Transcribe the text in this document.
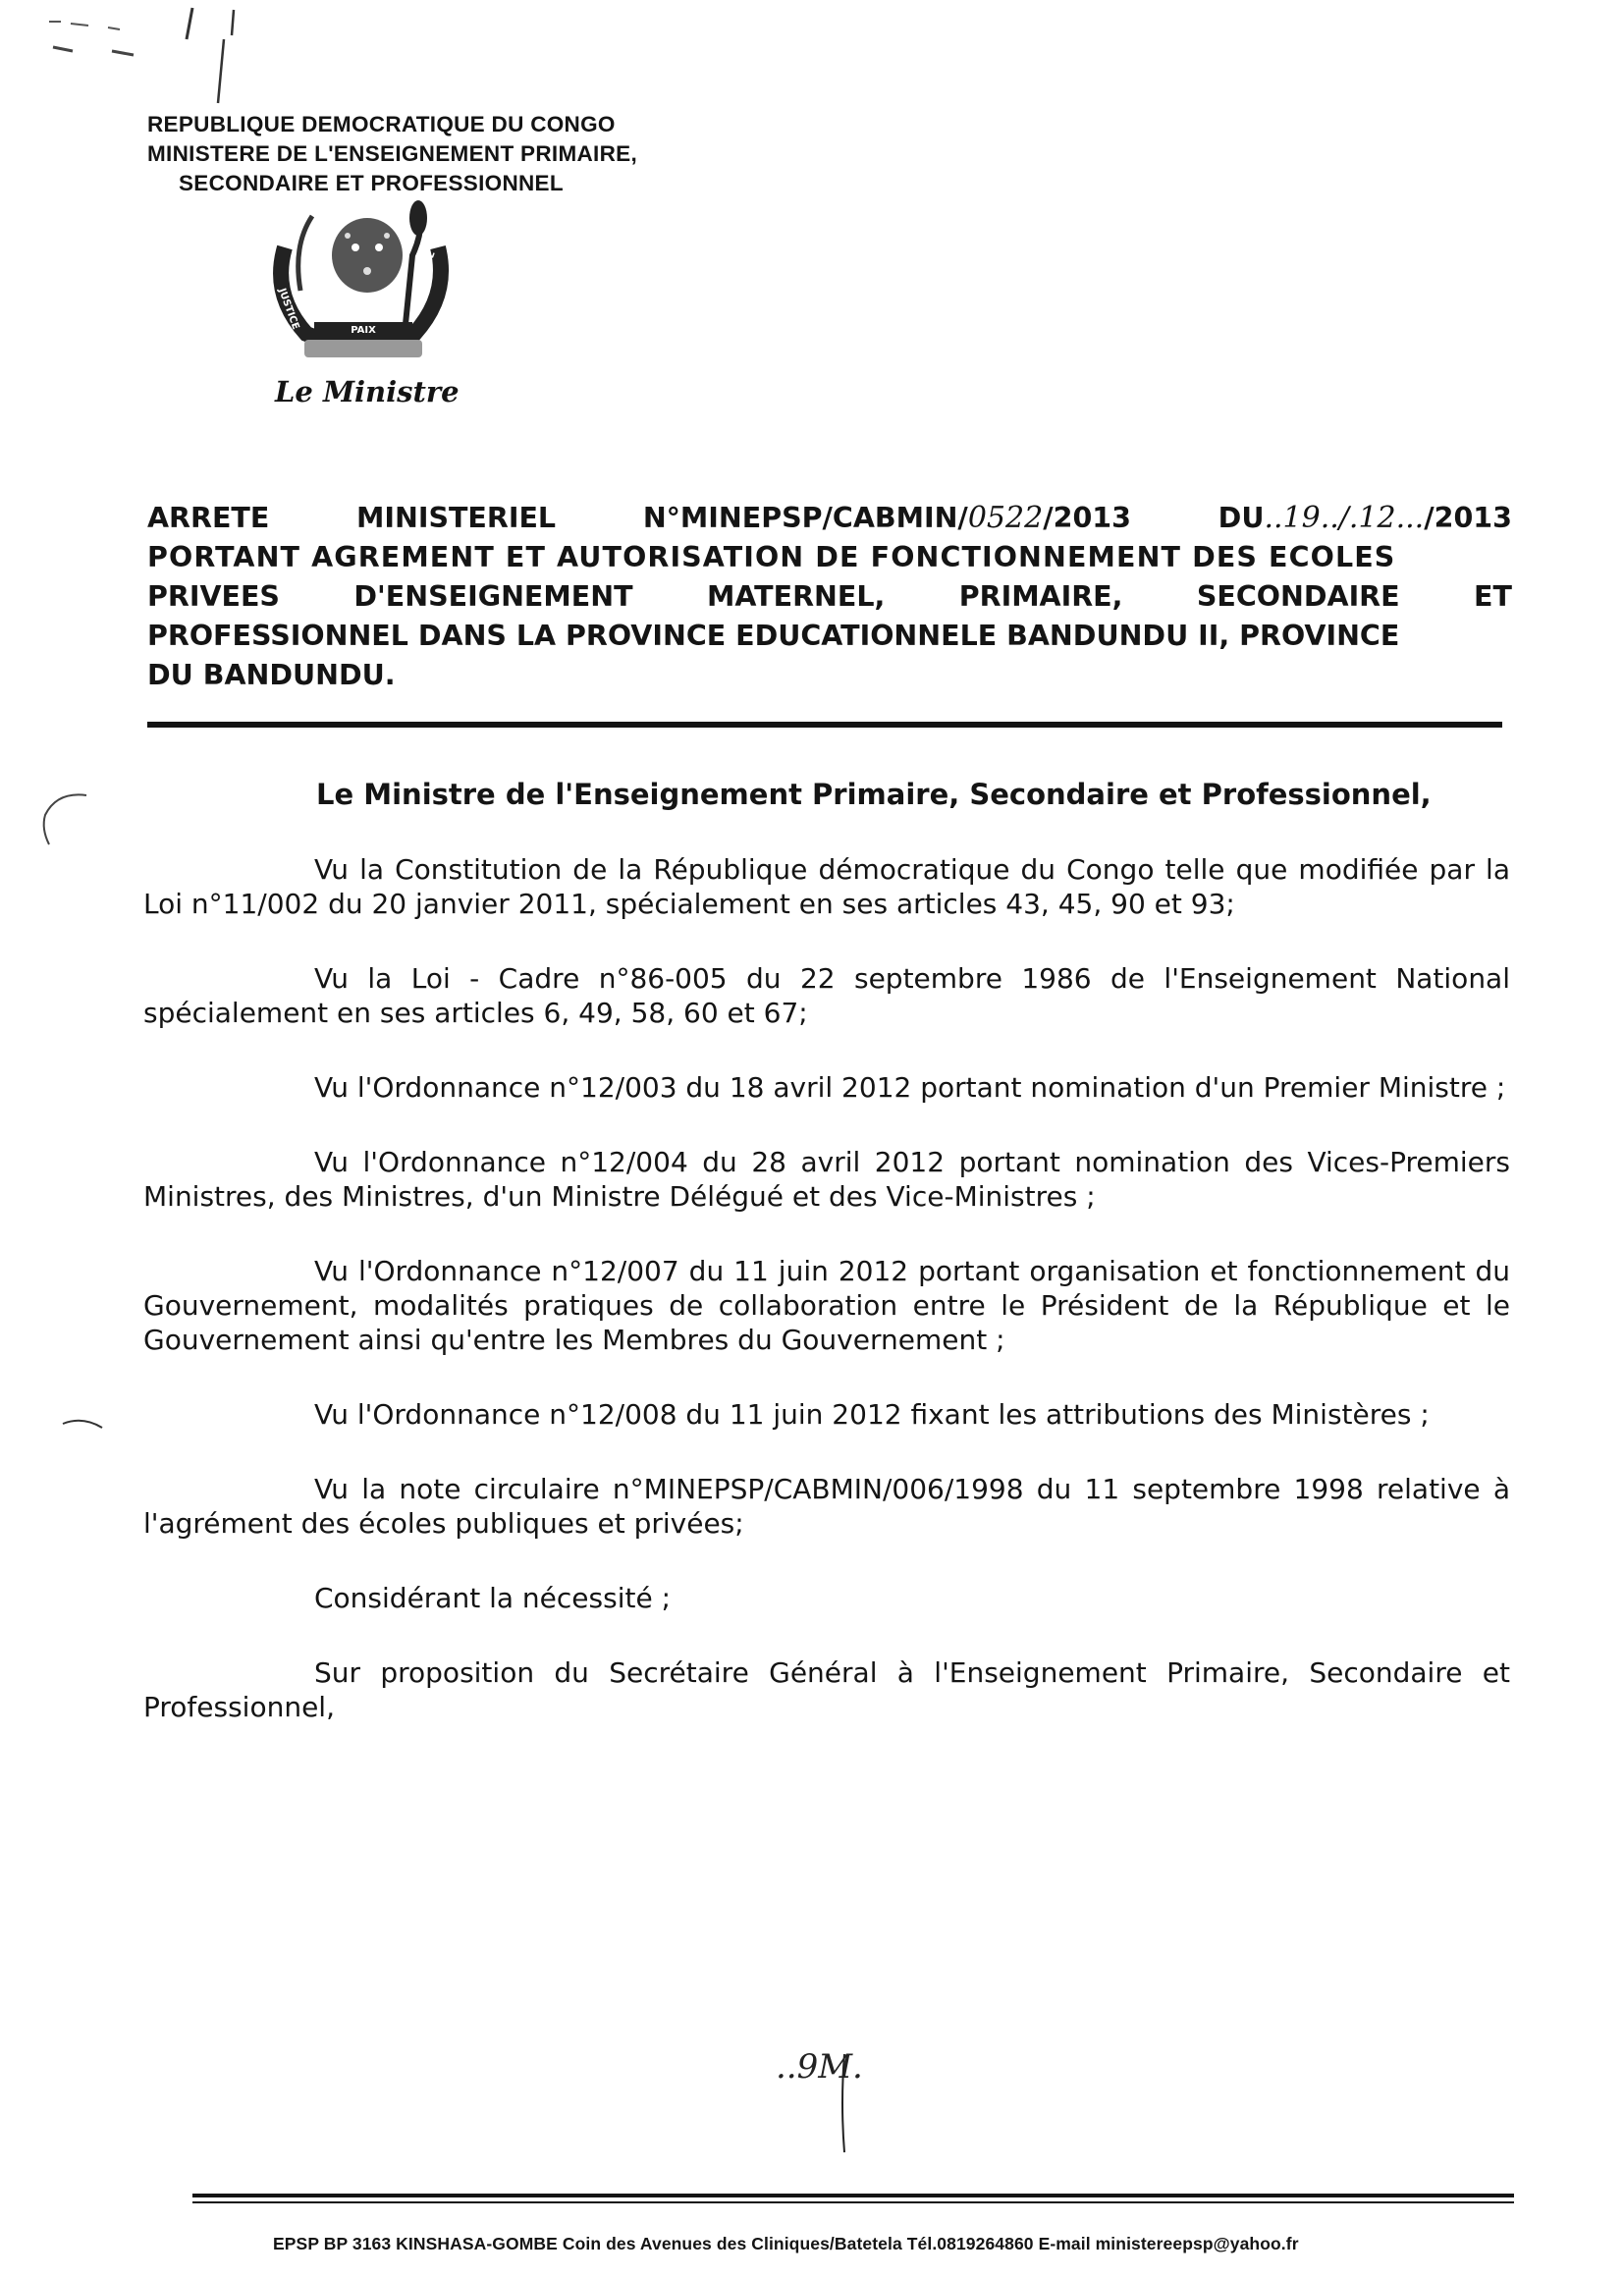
REPUBLIQUE DEMOCRATIQUE DU CONGO
MINISTERE DE L'ENSEIGNEMENT PRIMAIRE,
SECONDAIRE ET PROFESSIONNEL
PAIX
JUSTICE
TRAVAIL
Le Ministre
ARRETE	MINISTERIEL	N°MINEPSP/CABMIN/0522/2013	DU..19../.12.../2013
PORTANT AGREMENT ET AUTORISATION DE FONCTIONNEMENT DES ECOLES
PRIVEES	D'ENSEIGNEMENT	MATERNEL,	PRIMAIRE,	SECONDAIRE	ET
PROFESSIONNEL DANS LA PROVINCE EDUCATIONNELE BANDUNDU II, PROVINCE
DU BANDUNDU.
Le Ministre de l'Enseignement Primaire, Secondaire et Professionnel,

Vu la Constitution de la République démocratique du Congo telle que modifiée par la Loi n°11/002 du 20 janvier 2011, spécialement en ses articles 43, 45, 90 et 93;

Vu la Loi - Cadre n°86-005 du 22 septembre 1986 de l'Enseignement National spécialement en ses articles 6, 49, 58, 60 et 67;

Vu l'Ordonnance n°12/003 du 18 avril 2012 portant nomination d'un Premier Ministre ;

Vu l'Ordonnance n°12/004 du 28 avril 2012 portant nomination des Vices-Premiers Ministres, des Ministres, d'un Ministre Délégué et des Vice-Ministres ;

Vu l'Ordonnance n°12/007 du 11 juin 2012 portant organisation et fonctionnement du Gouvernement, modalités pratiques de collaboration entre le Président de la République et le Gouvernement ainsi qu'entre les Membres du Gouvernement ;

Vu l'Ordonnance n°12/008 du 11 juin 2012 fixant les attributions des Ministères ;

Vu la note circulaire n°MINEPSP/CABMIN/006/1998 du 11 septembre 1998 relative à l'agrément des écoles publiques et privées;

Considérant la nécessité ;

Sur proposition du Secrétaire Général à l'Enseignement Primaire, Secondaire et Professionnel,

..9M.
EPSP BP 3163 KINSHASA-GOMBE Coin des Avenues des Cliniques/Batetela Tél.0819264860 E-mail ministereepsp@yahoo.fr
